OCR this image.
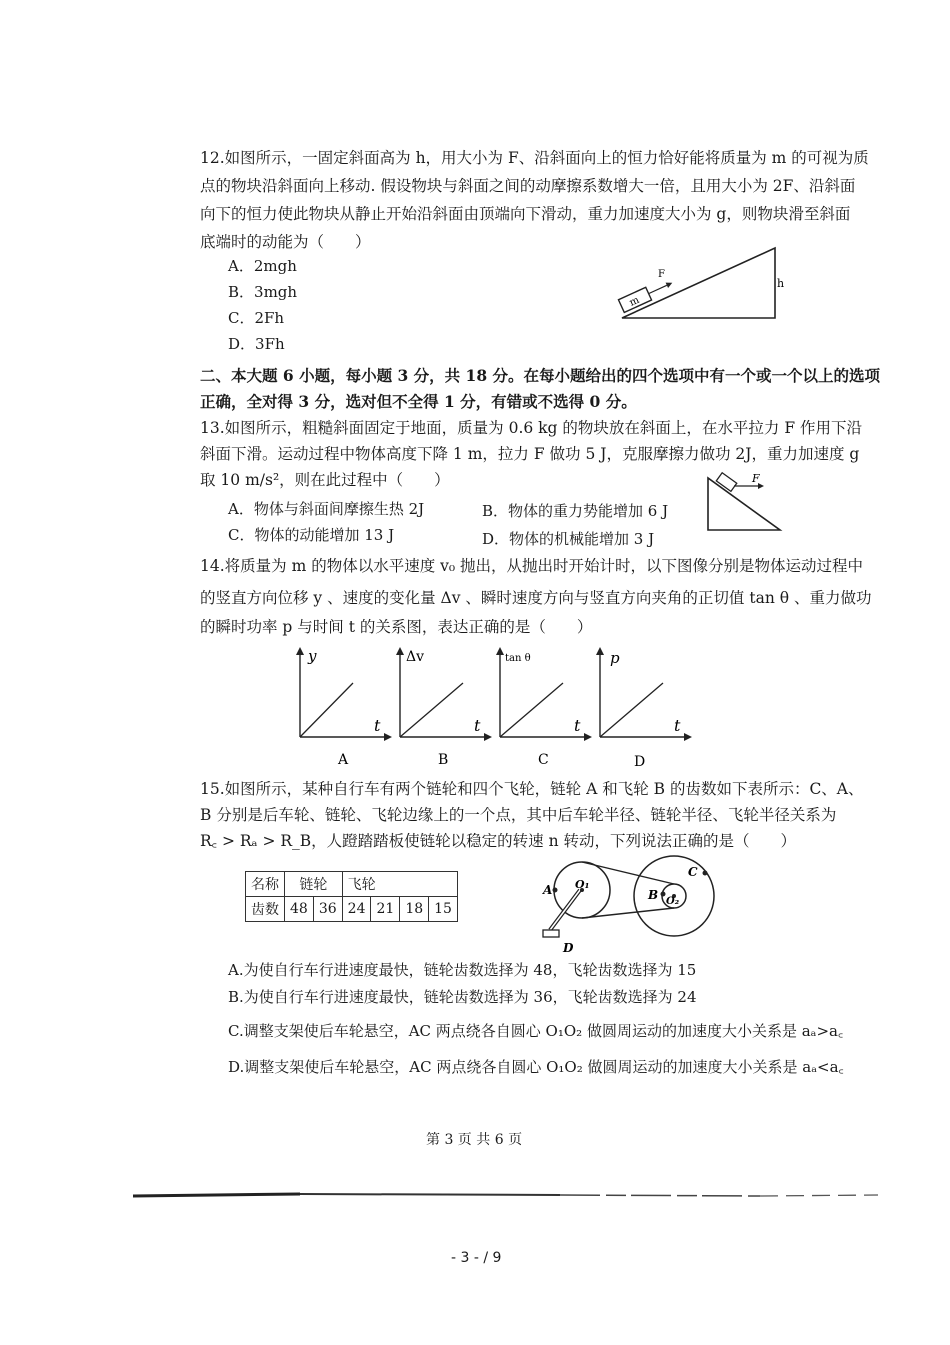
12.如图所示，一固定斜面高为 h，用大小为 F、沿斜面向上的恒力恰好能将质量为 m 的可视为质
点的物块沿斜面向上移动. 假设物块与斜面之间的动摩擦系数增大一倍，且用大小为 2F、沿斜面
向下的恒力使此物块从静止开始沿斜面由顶端向下滑动，重力加速度大小为 g，则物块滑至斜面
底端时的动能为（　　）
A．2mgh
B．3mgh
C．2Fh
D．3Fh
m
F
h
二、本大题 6 小题，每小题 3 分，共 18 分。在每小题给出的四个选项中有一个或一个以上的选项
正确，全对得 3 分，选对但不全得 1 分，有错或不选得 0 分。
13.如图所示，粗糙斜面固定于地面，质量为 0.6 kg 的物块放在斜面上，在水平拉力 F 作用下沿
斜面下滑。运动过程中物体高度下降 1 m，拉力 F 做功 5 J，克服摩擦力做功 2J，重力加速度 g
取 10 m/s²，则在此过程中（　　）
A．物体与斜面间摩擦生热 2J	B．物体的重力势能增加 6 J
C．物体的动能增加 13 J	D．物体的机械能增加 3 J
F
14.将质量为 m 的物体以水平速度 v₀ 抛出，从抛出时开始计时，以下图像分别是物体运动过程中
的竖直方向位移 y 、速度的变化量 Δv 、瞬时速度方向与竖直方向夹角的正切值 tan θ 、重力做功
的瞬时功率 p 与时间 t 的关系图，表达正确的是（　　）
y
t
A
Δv
t
B
tan θ
t
C
p
t
D
15.如图所示，某种自行车有两个链轮和四个飞轮，链轮 A 和飞轮 B 的齿数如下表所示：C、A、
B 分别是后车轮、链轮、飞轮边缘上的一个点，其中后车轮半径、链轮半径、飞轮半径关系为
R꜀ > Rₐ > R_B，人蹬踏踏板使链轮以稳定的转速 n 转动，下列说法正确的是（　　）
名称	链轮		飞轮			
齿数	48	36	24	21	18	15
A O₁
B O₂
C
D
A.为使自行车行进速度最快，链轮齿数选择为 48，飞轮齿数选择为 15
B.为使自行车行进速度最快，链轮齿数选择为 36，飞轮齿数选择为 24
C.调整支架使后车轮悬空，AC 两点绕各自圆心 O₁O₂ 做圆周运动的加速度大小关系是 aₐ>a꜀
D.调整支架使后车轮悬空，AC 两点绕各自圆心 O₁O₂ 做圆周运动的加速度大小关系是 aₐ<a꜀
第 3 页 共 6 页
- 3 - / 9
